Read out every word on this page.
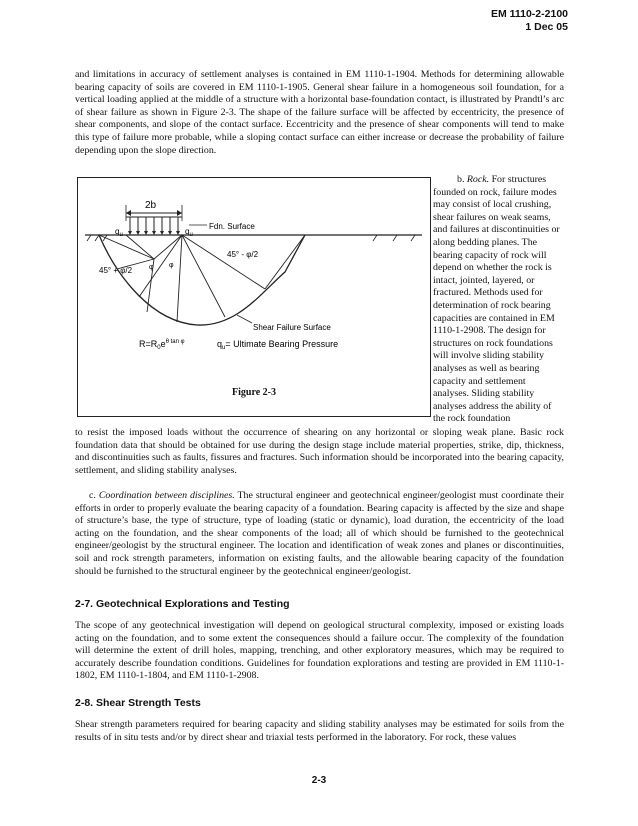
EM 1110-2-2100
1 Dec 05

and limitations in accuracy of settlement analyses is contained in EM 1110-1-1904. Methods for determining allowable bearing capacity of soils are covered in EM 1110-1-1905. General shear failure in a homogeneous soil foundation, for a vertical loading applied at the middle of a structure with a horizontal base-foundation contact, is illustrated by Prandtl’s arc of shear failure as shown in Figure 2-3. The shape of the failure surface will be affected by eccentricity, the presence of shear components, and slope of the contact surface. Eccentricity and the presence of shear components will tend to make this type of failure more probable, while a sloping contact surface can either increase or decrease the probability of failure depending upon the slope direction.

2b
$q_u$	$q_u$
Fdn. Surface
45° - φ/2
45° + φ/2 φ φ
Shear Failure Surface
$R=R_0e^{\theta tan \varphi}$	$q_u=$ Ultimate Bearing Pressure
Figure 2-3
b. Rock. For structures founded on rock, failure modes may consist of local crushing, shear failures on weak seams, and failures at discontinuities or along bedding planes. The bearing capacity of rock will depend on whether the rock is intact, jointed, layered, or fractured. Methods used for determination of rock bearing capacities are contained in EM 1110-1-2908. The design for structures on rock foundations will involve sliding stability analyses as well as bearing capacity and settlement analyses. Sliding stability analyses address the ability of the rock foundation

to resist the imposed loads without the occurrence of shearing on any horizontal or sloping weak plane. Basic rock foundation data that should be obtained for use during the design stage include material properties, strike, dip, thickness, and discontinuities such as faults, fissures and fractures. Such information should be incorporated into the bearing capacity, settlement, and sliding stability analyses.

c. Coordination between disciplines. The structural engineer and geotechnical engineer/geologist must coordinate their efforts in order to properly evaluate the bearing capacity of a foundation. Bearing capacity is affected by the size and shape of structure’s base, the type of structure, type of loading (static or dynamic), load duration, the eccentricity of the load acting on the foundation, and the shear components of the load; all of which should be furnished to the geotechnical engineer/geologist by the structural engineer. The location and identification of weak zones and planes or discontinuities, soil and rock strength parameters, information on existing faults, and the allowable bearing capacity of the foundation should be furnished to the structural engineer by the geotechnical engineer/geologist.

2-7. Geotechnical Explorations and Testing

The scope of any geotechnical investigation will depend on geological structural complexity, imposed or existing loads acting on the foundation, and to some extent the consequences should a failure occur. The complexity of the foundation will determine the extent of drill holes, mapping, trenching, and other exploratory measures, which may be required to accurately describe foundation conditions. Guidelines for foundation explorations and testing are provided in EM 1110-1-1802, EM 1110-1-1804, and EM 1110-1-2908.

2-8. Shear Strength Tests

Shear strength parameters required for bearing capacity and sliding stability analyses may be estimated for soils from the results of in situ tests and/or by direct shear and triaxial tests performed in the laboratory. For rock, these values

2-3
